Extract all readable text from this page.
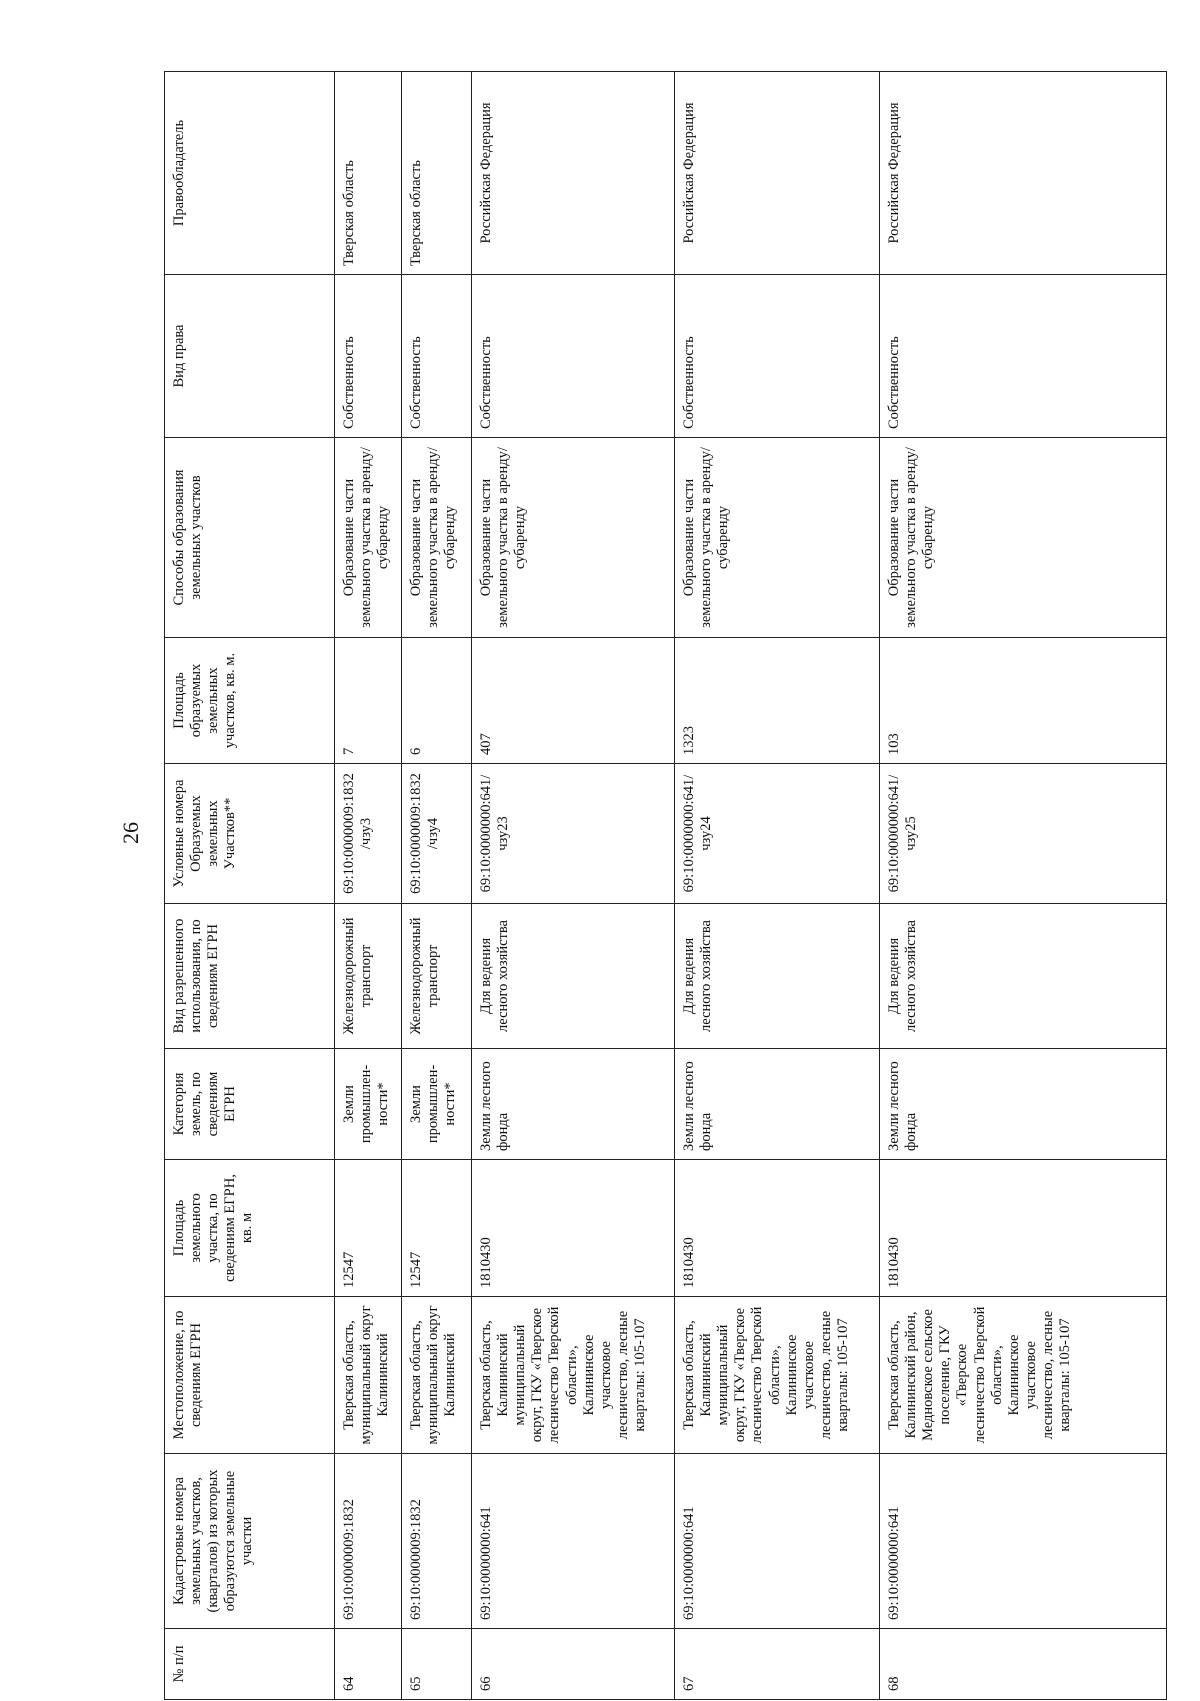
26
№ п/п	Кадастровые номера земельных участков, (кварталов) из которых образуются земельные участки	Местоположение, по сведениям ЕГРН	Площадь земельного участка, по сведениям ЕГРН, кв. м	Категория земель, по сведениям ЕГРН	Вид разрешенного использования, по сведениям ЕГРН	Условные номера Образуемых земельных Участков**	Площадь образуемых земельных участков, кв. м.	Способы образования земельных участков	Вид права	Правообладатель
64	69:10:0000009:1832	Тверская область, муниципальный округ Калининский	12547	Земли промышлен-ности*	Железнодорожный транспорт	69:10:0000009:1832/чзу3	7	Образование части земельного участка в аренду/субаренду	Собственность	Тверская область
65	69:10:0000009:1832	Тверская область, муниципальный округ Калининский	12547	Земли промышлен-ности*	Железнодорожный транспорт	69:10:0000009:1832/чзу4	6	Образование части земельного участка в аренду/субаренду	Собственность	Тверская область
66	69:10:0000000:641	Тверская область, Калининский муниципальный округ, ГКУ «Тверское лесничество Тверской области», Калининское участковое лесничество, лесные кварталы: 105-107	1810430	Земли лесного фонда	Для ведения лесного хозяйства	69:10:0000000:641/чзу23	407	Образование части земельного участка в аренду/субаренду	Собственность	Российская Федерация
67	69:10:0000000:641	Тверская область, Калининский муниципальный округ, ГКУ «Тверское лесничество Тверской области», Калининское участковое лесничество, лесные кварталы: 105-107	1810430	Земли лесного фонда	Для ведения лесного хозяйства	69:10:0000000:641/чзу24	1323	Образование части земельного участка в аренду/субаренду	Собственность	Российская Федерация
68	69:10:0000000:641	Тверская область, Калининский район, Медновское сельское поселение, ГКУ «Тверское лесничество Тверской области», Калининское участковое лесничество, лесные кварталы: 105-107	1810430	Земли лесного фонда	Для ведения лесного хозяйства	69:10:0000000:641/чзу25	103	Образование части земельного участка в аренду/субаренду	Собственность	Российская Федерация
